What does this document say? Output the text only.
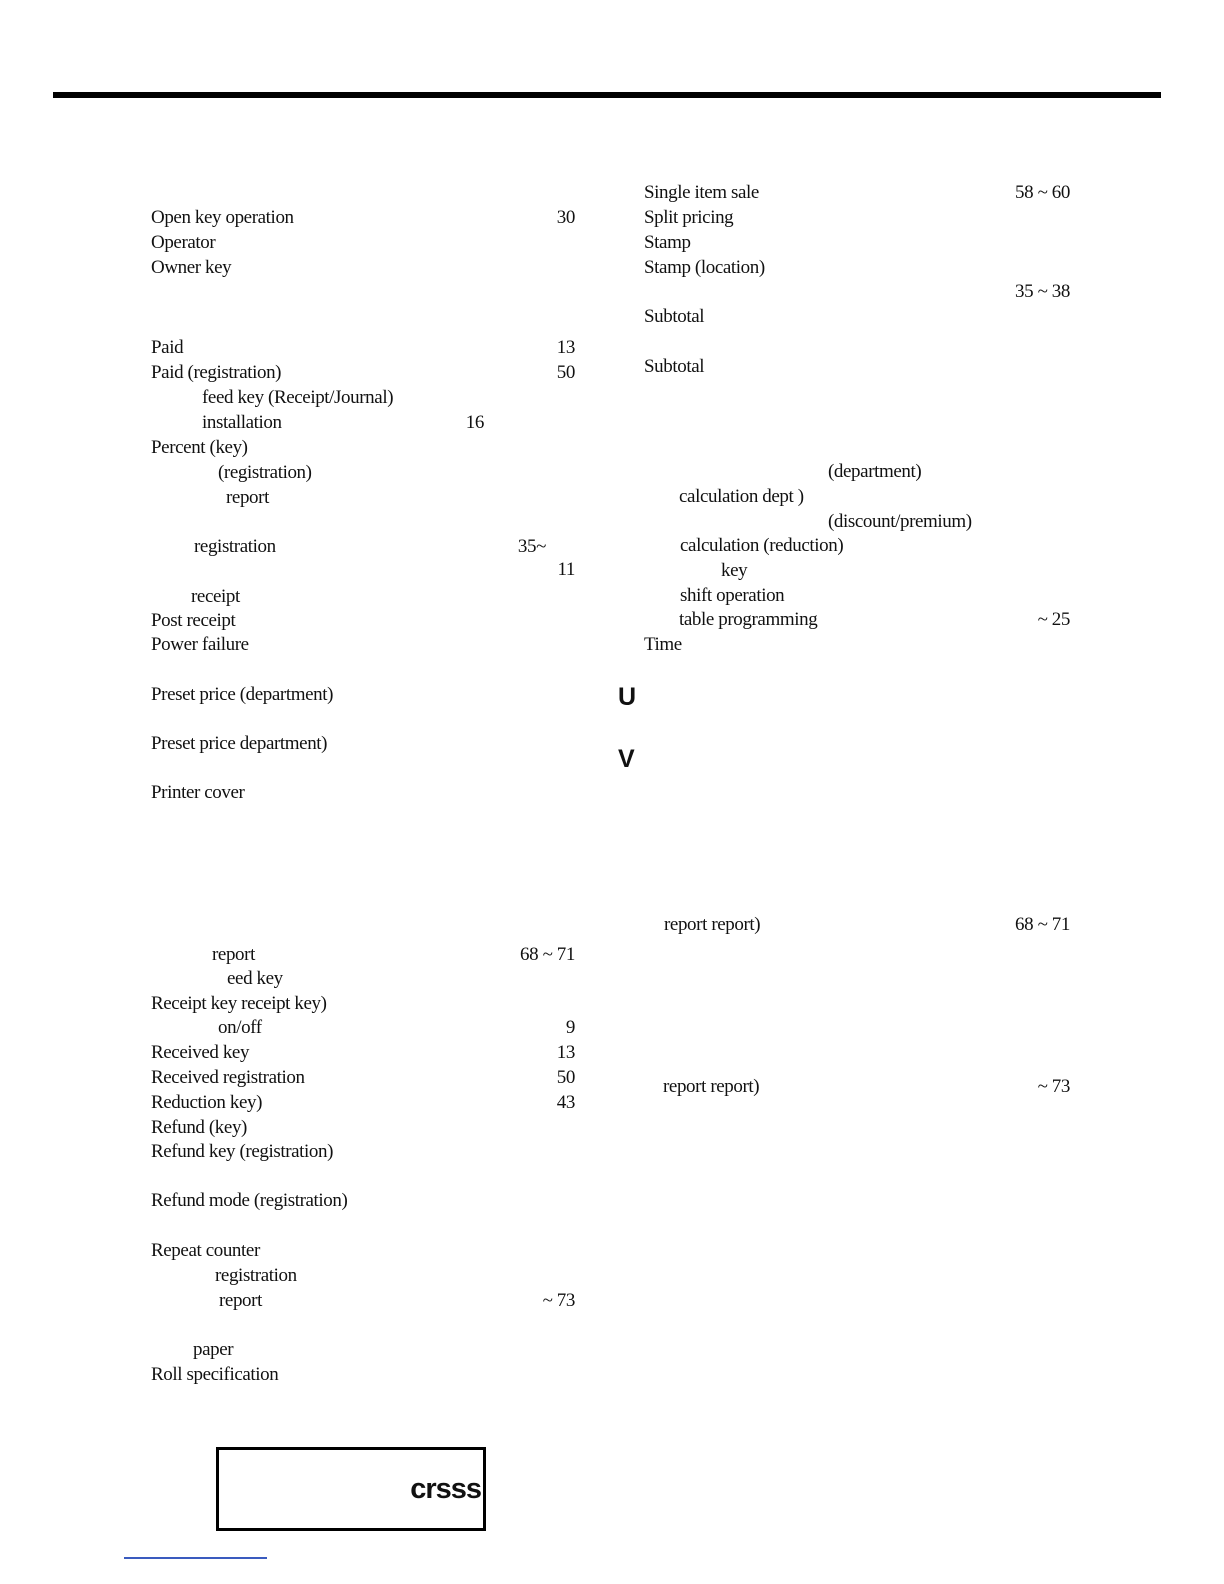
Open key operation	30
Operator
Owner key
Paid	13
Paid (registration)	50
feed key (Receipt/Journal)
installation	16
Percent (key)
(registration)
report
registration	35~
11
receipt
Post receipt
Power failure
Preset price (department)
Preset price department)
Printer cover
report	68 ~ 71
eed key
Receipt key receipt key)
on/off	9
Received key	13
Received registration	50
Reduction key)	43
Refund (key)
Refund key (registration)
Refund mode (registration)
Repeat counter
registration
report	~ 73
paper
Roll specification
Single item sale	58 ~ 60
Split pricing
Stamp
Stamp (location)
35 ~ 38
Subtotal
Subtotal
(department)
calculation dept )
(discount/premium)
calculation (reduction)
key
shift operation
table programming	~ 25
Time
U
V
report report)	68 ~ 71
report report)	~ 73
crsss
